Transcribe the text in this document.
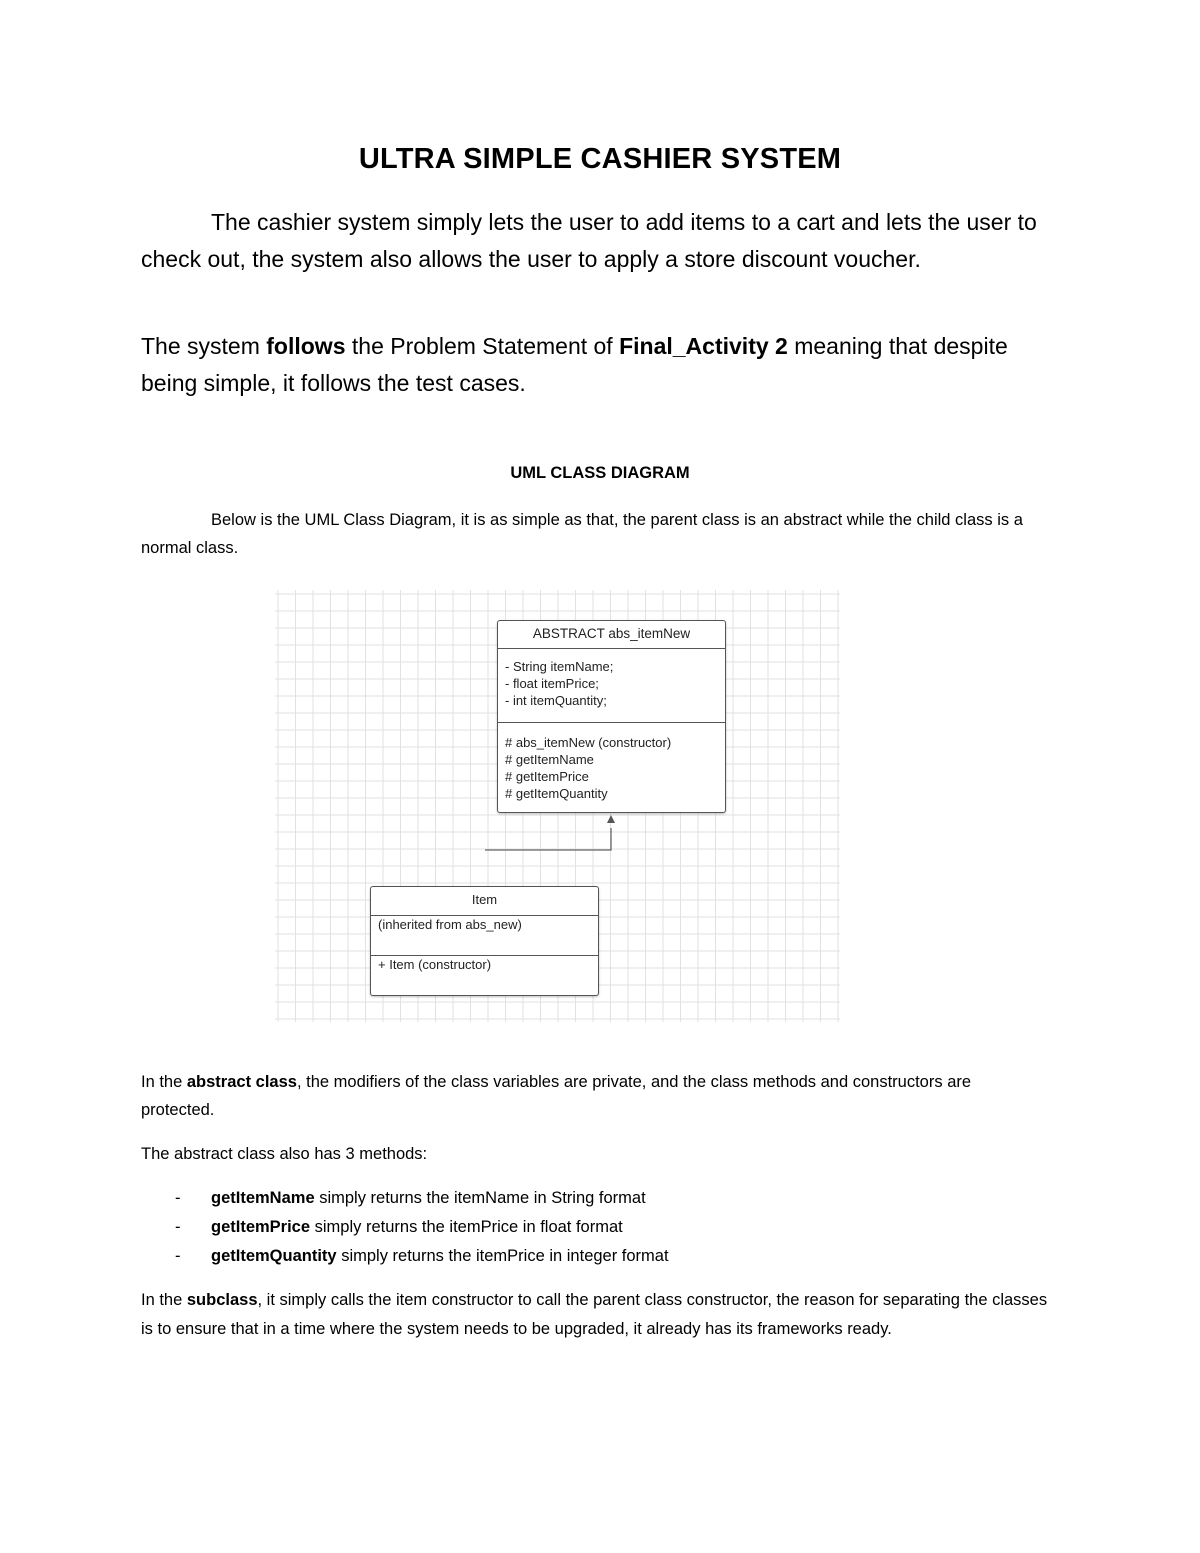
ULTRA SIMPLE CASHIER SYSTEM

The cashier system simply lets the user to add items to a cart and lets the user to check out, the system also allows the user to apply a store discount voucher.

The system follows the Problem Statement of Final_Activity 2 meaning that despite being simple, it follows the test cases.

UML CLASS DIAGRAM

Below is the UML Class Diagram, it is as simple as that, the parent class is an abstract while the child class is a normal class.

ABSTRACT abs_itemNew
- String itemName;
- float itemPrice;
- int itemQuantity;
# abs_itemNew (constructor)
# getItemName
# getItemPrice
# getItemQuantity
Item
(inherited from abs_new)
+ Item (constructor)

In the abstract class, the modifiers of the class variables are private, and the class methods and constructors are protected.

The abstract class also has 3 methods:

- getItemName simply returns the itemName in String format
- getItemPrice simply returns the itemPrice in float format
- getItemQuantity simply returns the itemPrice in integer format

In the subclass, it simply calls the item constructor to call the parent class constructor, the reason for separating the classes is to ensure that in a time where the system needs to be upgraded, it already has its frameworks ready.
